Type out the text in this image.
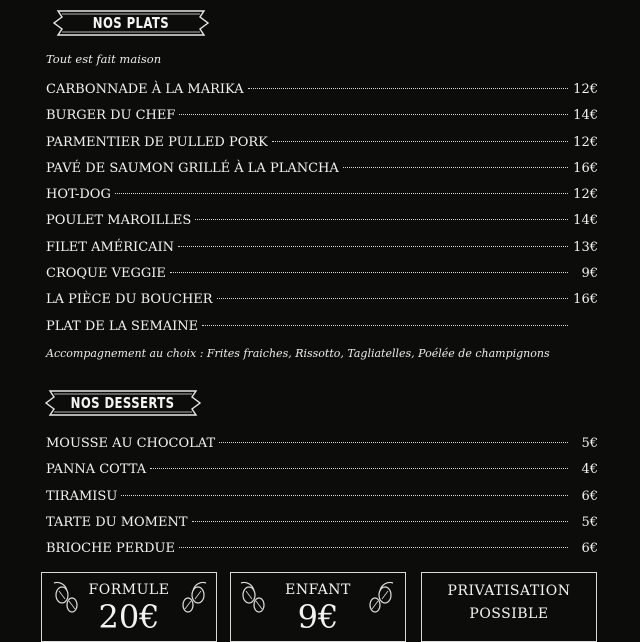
NOS PLATS
Tout est fait maison
CARBONNADE À LA MARIKA	12€
BURGER DU CHEF	14€
PARMENTIER DE PULLED PORK	12€
PAVÉ DE SAUMON GRILLÉ À LA PLANCHA	16€
HOT-DOG	12€
POULET MAROILLES	14€
FILET AMÉRICAIN	13€
CROQUE VEGGIE	9€
LA PIÈCE DU BOUCHER	16€
PLAT DE LA SEMAINE
Accompagnement au choix : Frites fraiches, Rissotto, Tagliatelles, Poélée de champignons
NOS DESSERTS
MOUSSE AU CHOCOLAT	5€
PANNA COTTA	4€
TIRAMISU	6€
TARTE DU MOMENT	5€
BRIOCHE PERDUE	6€
FORMULE
20€
ENFANT
9€
PRIVATISATION
POSSIBLE
